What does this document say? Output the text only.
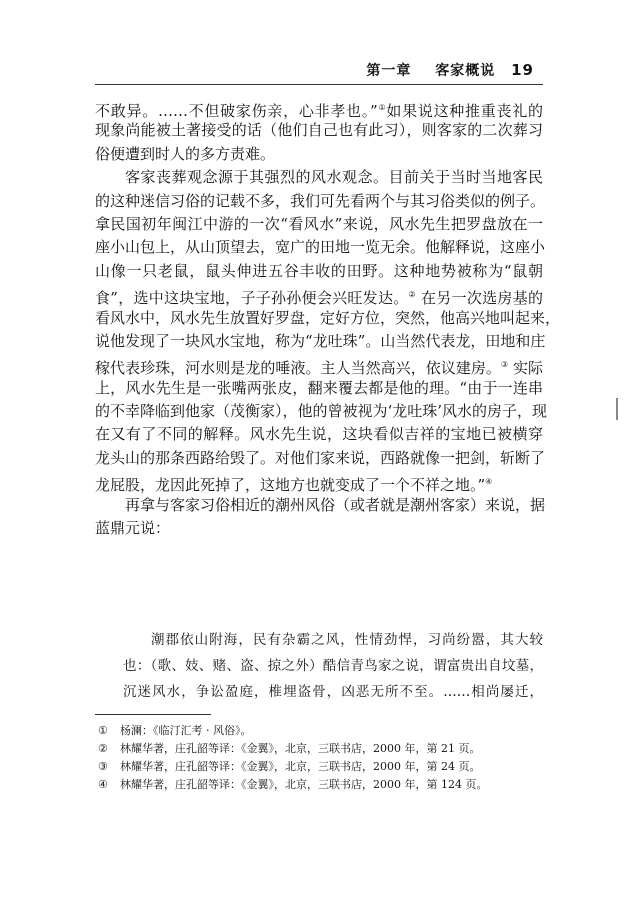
第一章 客家概说 19
不敢异。……不但破家伤亲，心非孝也。”①如果说这种推重丧礼的
现象尚能被土著接受的话（他们自己也有此习），则客家的二次葬习
俗便遭到时人的多方责难。
客家丧葬观念源于其强烈的风水观念。目前关于当时当地客民
的这种迷信习俗的记载不多，我们可先看两个与其习俗类似的例子。
拿民国初年闽江中游的一次“看风水”来说，风水先生把罗盘放在一
座小山包上，从山顶望去，宽广的田地一览无余。他解释说，这座小
山像一只老鼠，鼠头伸进五谷丰收的田野。这种地势被称为“鼠朝
食”，选中这块宝地，子子孙孙便会兴旺发达。② 在另一次选房基的
看风水中，风水先生放置好罗盘，定好方位，突然，他高兴地叫起来，
说他发现了一块风水宝地，称为“龙吐珠”。山当然代表龙，田地和庄
稼代表珍珠，河水则是龙的唾液。主人当然高兴，依议建房。③ 实际
上，风水先生是一张嘴两张皮，翻来覆去都是他的理。“由于一连串
的不幸降临到他家（茂衡家），他的曾被视为‘龙吐珠’风水的房子，现
在又有了不同的解释。风水先生说，这块看似吉祥的宝地已被横穿
龙头山的那条西路给毁了。对他们家来说，西路就像一把剑，斩断了
龙屁股，龙因此死掉了，这地方也就变成了一个不祥之地。”④
再拿与客家习俗相近的潮州风俗（或者就是潮州客家）来说，据
蓝鼎元说：
潮郡依山附海，民有杂霸之风，性情劲悍，习尚纷嚣，其大较
也：（歌、妓、赌、盗、掠之外）酷信青鸟家之说，谓富贵出自坟墓，
沉迷风水，争讼盈庭，椎埋盗骨，凶恶无所不至。……相尚屡迁，
① 杨澜：《临汀汇考 · 风俗》。
② 林耀华著，庄孔韶等译：《金翼》，北京，三联书店，2000 年，第 21 页。
③ 林耀华著，庄孔韶等译：《金翼》，北京，三联书店，2000 年，第 24 页。
④ 林耀华著，庄孔韶等译：《金翼》，北京，三联书店，2000 年，第 124 页。
